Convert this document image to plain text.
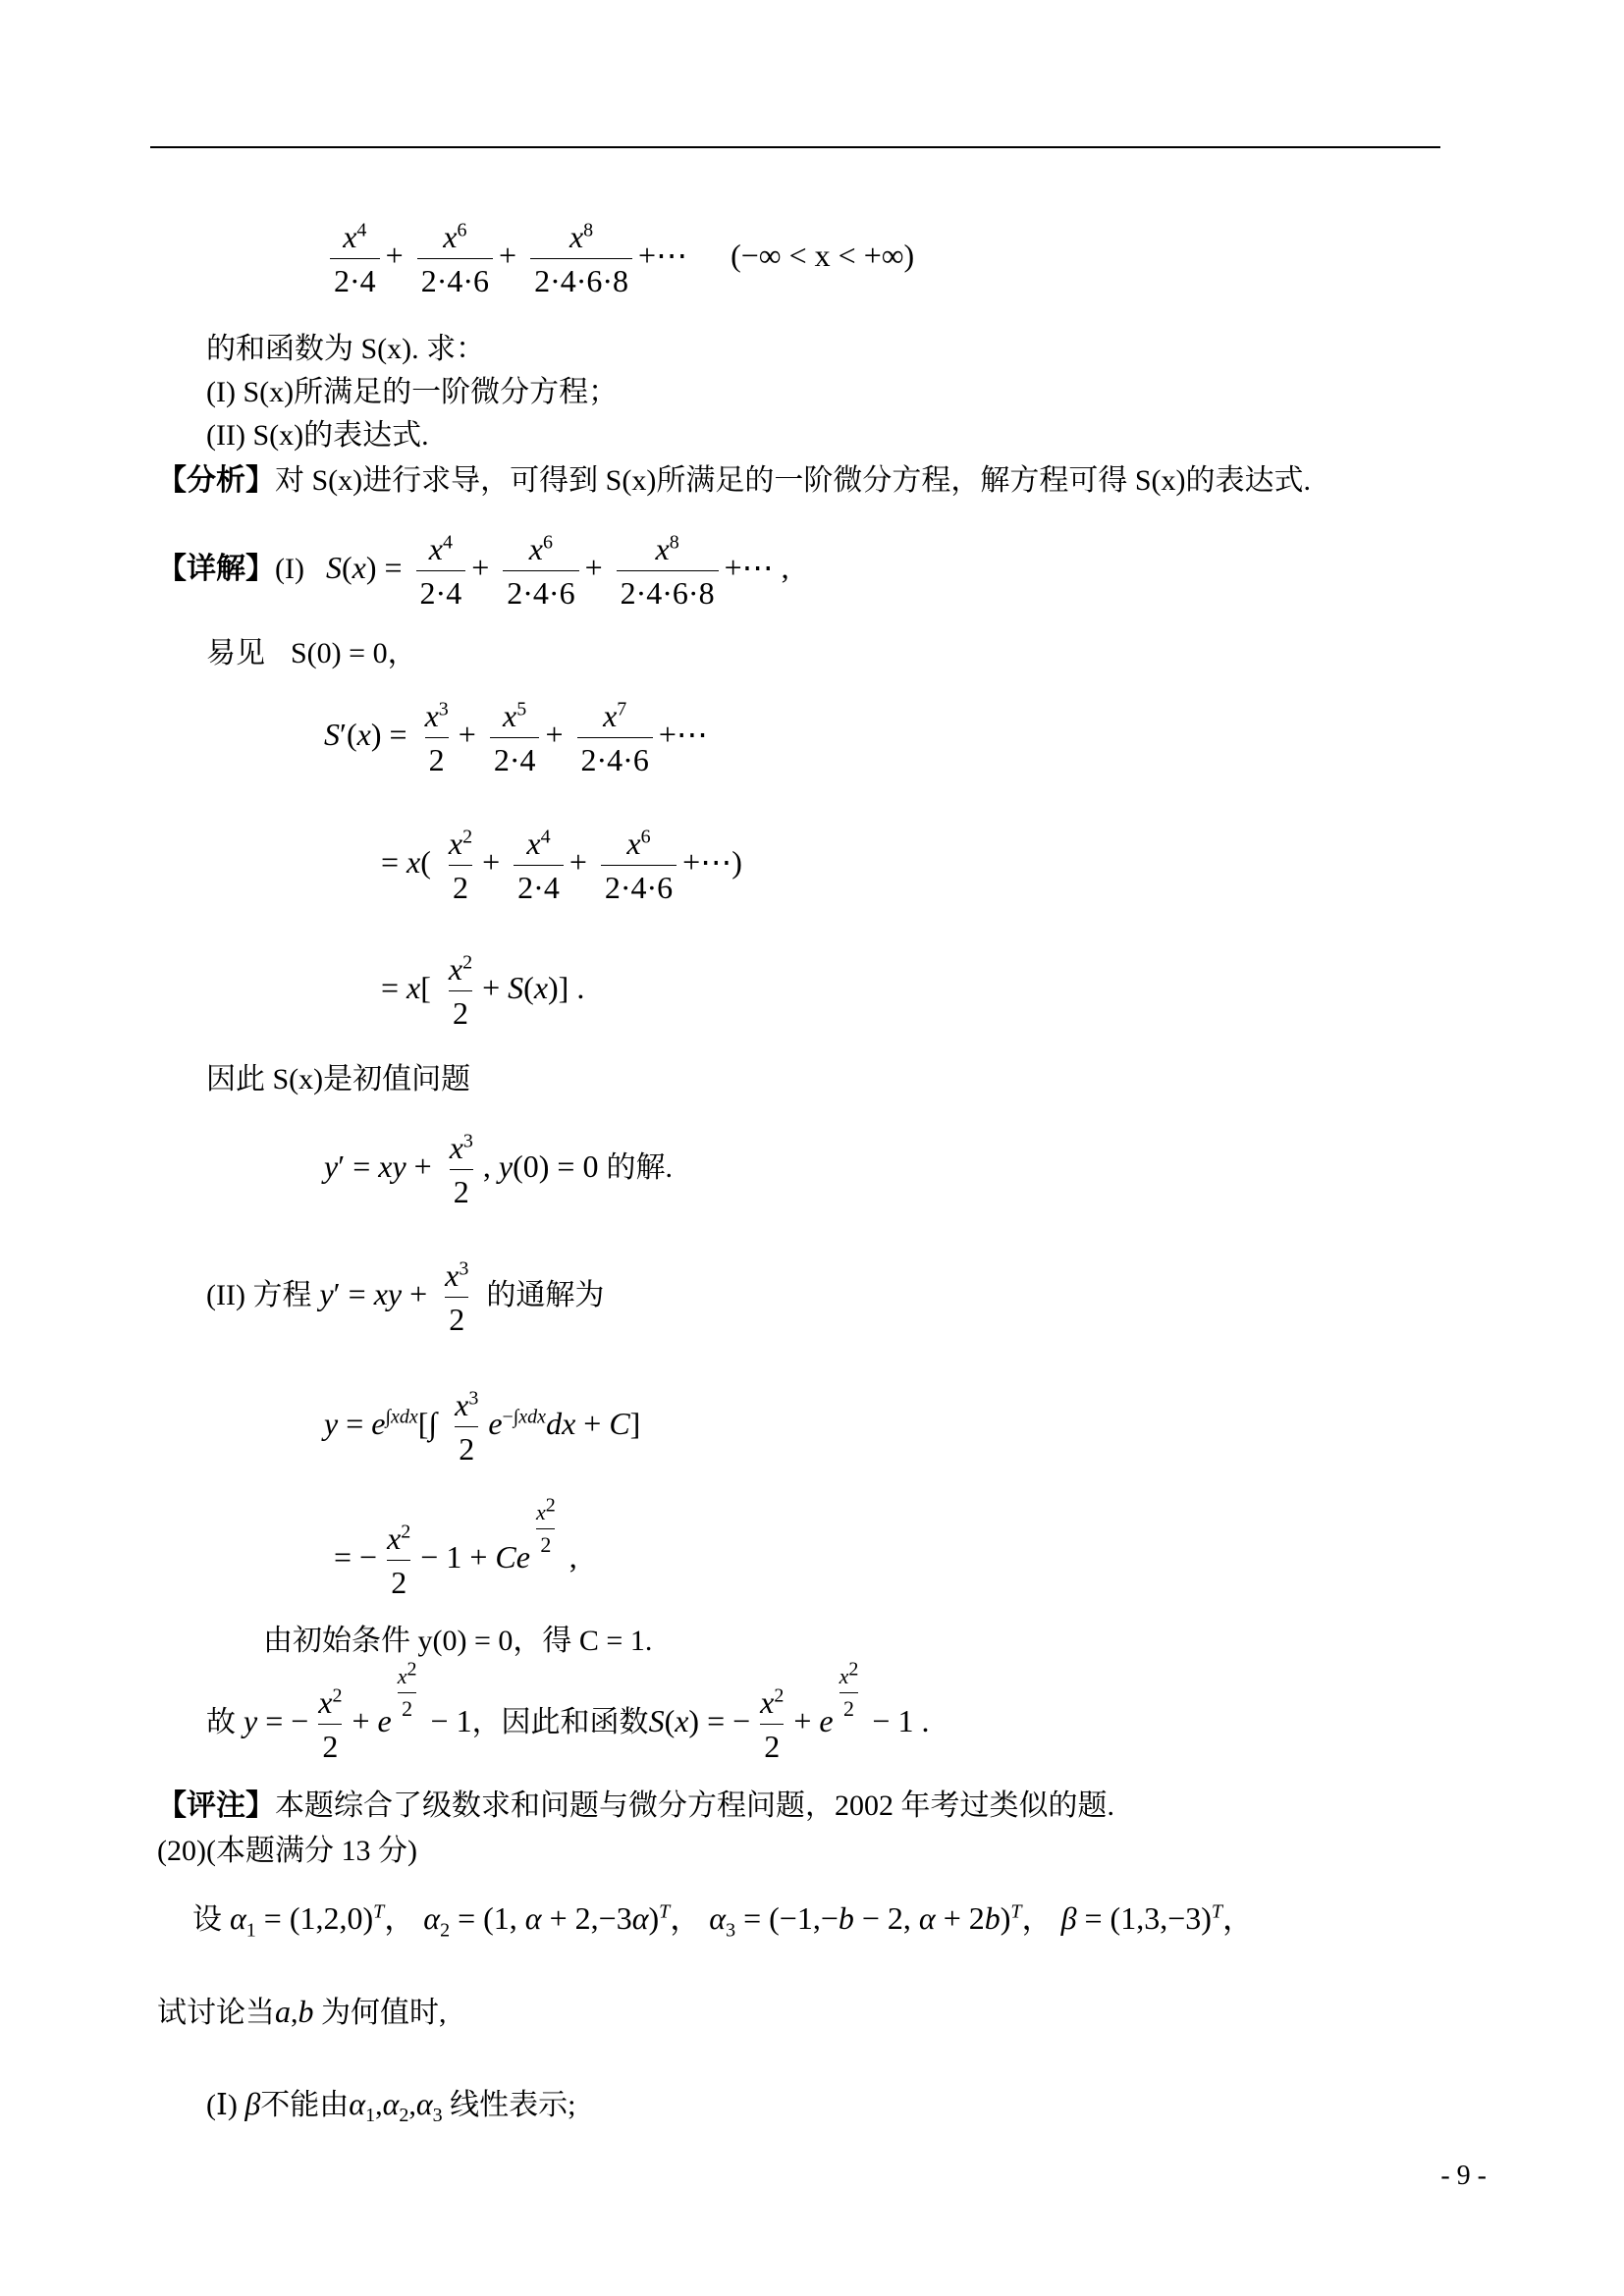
$\frac{x^4}{2\cdot 4} + \frac{x^6}{2\cdot 4\cdot 6} + \frac{x^8}{2\cdot 4\cdot 6\cdot 8}$ +⋯ (−∞ < x < +∞)
的和函数为 S(x). 求：
(I) S(x)所满足的一阶微分方程；
(II) S(x)的表达式.
【分析】对 S(x)进行求导，可得到 S(x)所满足的一阶微分方程，解方程可得 S(x)的表达式.
【详解】(I) $S(x) = \frac{x^4}{2\cdot 4} + \frac{x^6}{2\cdot 4\cdot 6} + \frac{x^8}{2\cdot 4\cdot 6\cdot 8}$ +⋯ ,
易见 S(0) = 0，
$S'(x) = \frac{x^3}{2} + \frac{x^5}{2\cdot 4} + \frac{x^7}{2\cdot 4\cdot 6}$ +⋯
= $x( \frac{x^2}{2} + \frac{x^4}{2\cdot 4} + \frac{x^6}{2\cdot 4\cdot 6}$ +⋯)
= $x[ \frac{x^2}{2} + S(x)]$ .
因此 S(x)是初值问题
y′ = xy + $\frac{x^3}{2}$ , y(0) = 0 的解.
(II) 方程 y′ = xy + $\frac{x^3}{2}$ 的通解为
$y = e^{\int xdx}[\int \frac{x^3}{2} e^{-\int xdx}dx + C]$
= − $\frac{x^2}{2} - 1 + Ce \frac{x^2}{2}$ ,
由初始条件 y(0) = 0，得 C = 1.
故 y = − $\frac{x^2}{2} + e \frac{x^2}{2} - 1$，因此和函数S(x) = − $\frac{x^2}{2} + e \frac{x^2}{2} - 1$ .
【评注】本题综合了级数求和问题与微分方程问题，2002 年考过类似的题.
(20)(本题满分 13 分)
设 $\alpha_1 = (1,2,0)^T$， $\alpha_2 = (1$, α + 2,−3α)$^T$， $\alpha_3 = (-1,-b - 2$, α + 2b)$^T$， $\beta = (1,3,-3)^T$，
试讨论当a,b 为何值时,
(Ⅰ) β不能由$\alpha_1,\alpha_2,\alpha_3$ 线性表示;
- 9 -
